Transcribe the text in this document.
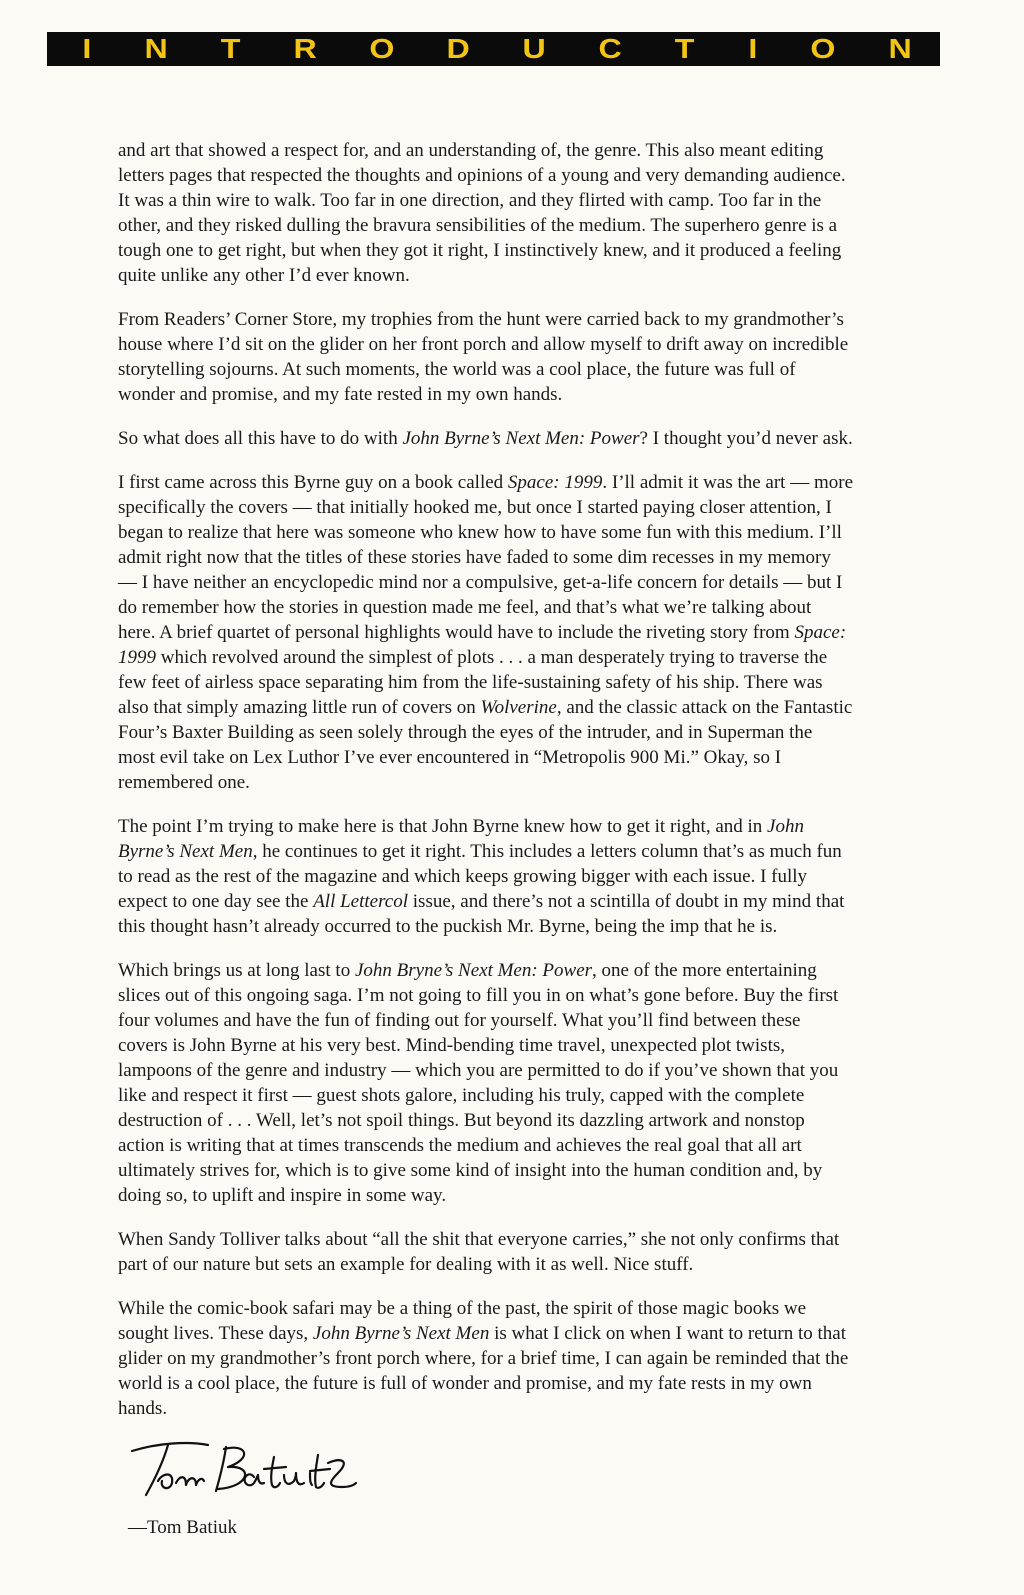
I N T R O D U C T I O N

and art that showed a respect for, and an understanding of, the genre. This also meant editing letters pages that respected the thoughts and opinions of a young and very demanding audience. It was a thin wire to walk. Too far in one direction, and they flirted with camp. Too far in the other, and they risked dulling the bravura sensibilities of the medium. The superhero genre is a tough one to get right, but when they got it right, I instinctively knew, and it produced a feeling quite unlike any other I’d ever known.

From Readers’ Corner Store, my trophies from the hunt were carried back to my grandmother’s house where I’d sit on the glider on her front porch and allow myself to drift away on incredible storytelling sojourns. At such moments, the world was a cool place, the future was full of wonder and promise, and my fate rested in my own hands.

So what does all this have to do with John Byrne’s Next Men: Power? I thought you’d never ask.

I first came across this Byrne guy on a book called Space: 1999. I’ll admit it was the art — more specifically the covers — that initially hooked me, but once I started paying closer attention, I began to realize that here was someone who knew how to have some fun with this medium. I’ll admit right now that the titles of these stories have faded to some dim recesses in my memory — I have neither an encyclopedic mind nor a compulsive, get-a-life concern for details — but I do remember how the stories in question made me feel, and that’s what we’re talking about here. A brief quartet of personal highlights would have to include the riveting story from Space: 1999 which revolved around the simplest of plots . . . a man desperately trying to traverse the few feet of airless space separating him from the life-sustaining safety of his ship. There was also that simply amazing little run of covers on Wolverine, and the classic attack on the Fantastic Four’s Baxter Building as seen solely through the eyes of the intruder, and in Superman the most evil take on Lex Luthor I’ve ever encountered in “Metropolis 900 Mi.” Okay, so I remembered one.

The point I’m trying to make here is that John Byrne knew how to get it right, and in John Byrne’s Next Men, he continues to get it right. This includes a letters column that’s as much fun to read as the rest of the magazine and which keeps growing bigger with each issue. I fully expect to one day see the All Lettercol issue, and there’s not a scintilla of doubt in my mind that this thought hasn’t already occurred to the puckish Mr. Byrne, being the imp that he is.

Which brings us at long last to John Bryne’s Next Men: Power, one of the more entertaining slices out of this ongoing saga. I’m not going to fill you in on what’s gone before. Buy the first four volumes and have the fun of finding out for yourself. What you’ll find between these covers is John Byrne at his very best. Mind-bending time travel, unexpected plot twists, lampoons of the genre and industry — which you are permitted to do if you’ve shown that you like and respect it first — guest shots galore, including his truly, capped with the complete destruction of . . . Well, let’s not spoil things. But beyond its dazzling artwork and nonstop action is writing that at times transcends the medium and achieves the real goal that all art ultimately strives for, which is to give some kind of insight into the human condition and, by doing so, to uplift and inspire in some way.

When Sandy Tolliver talks about “all the shit that everyone carries,” she not only confirms that part of our nature but sets an example for dealing with it as well. Nice stuff.

While the comic-book safari may be a thing of the past, the spirit of those magic books we sought lives. These days, John Byrne’s Next Men is what I click on when I want to return to that glider on my grandmother’s front porch where, for a brief time, I can again be reminded that the world is a cool place, the future is full of wonder and promise, and my fate rests in my own hands.

—Tom Batiuk
